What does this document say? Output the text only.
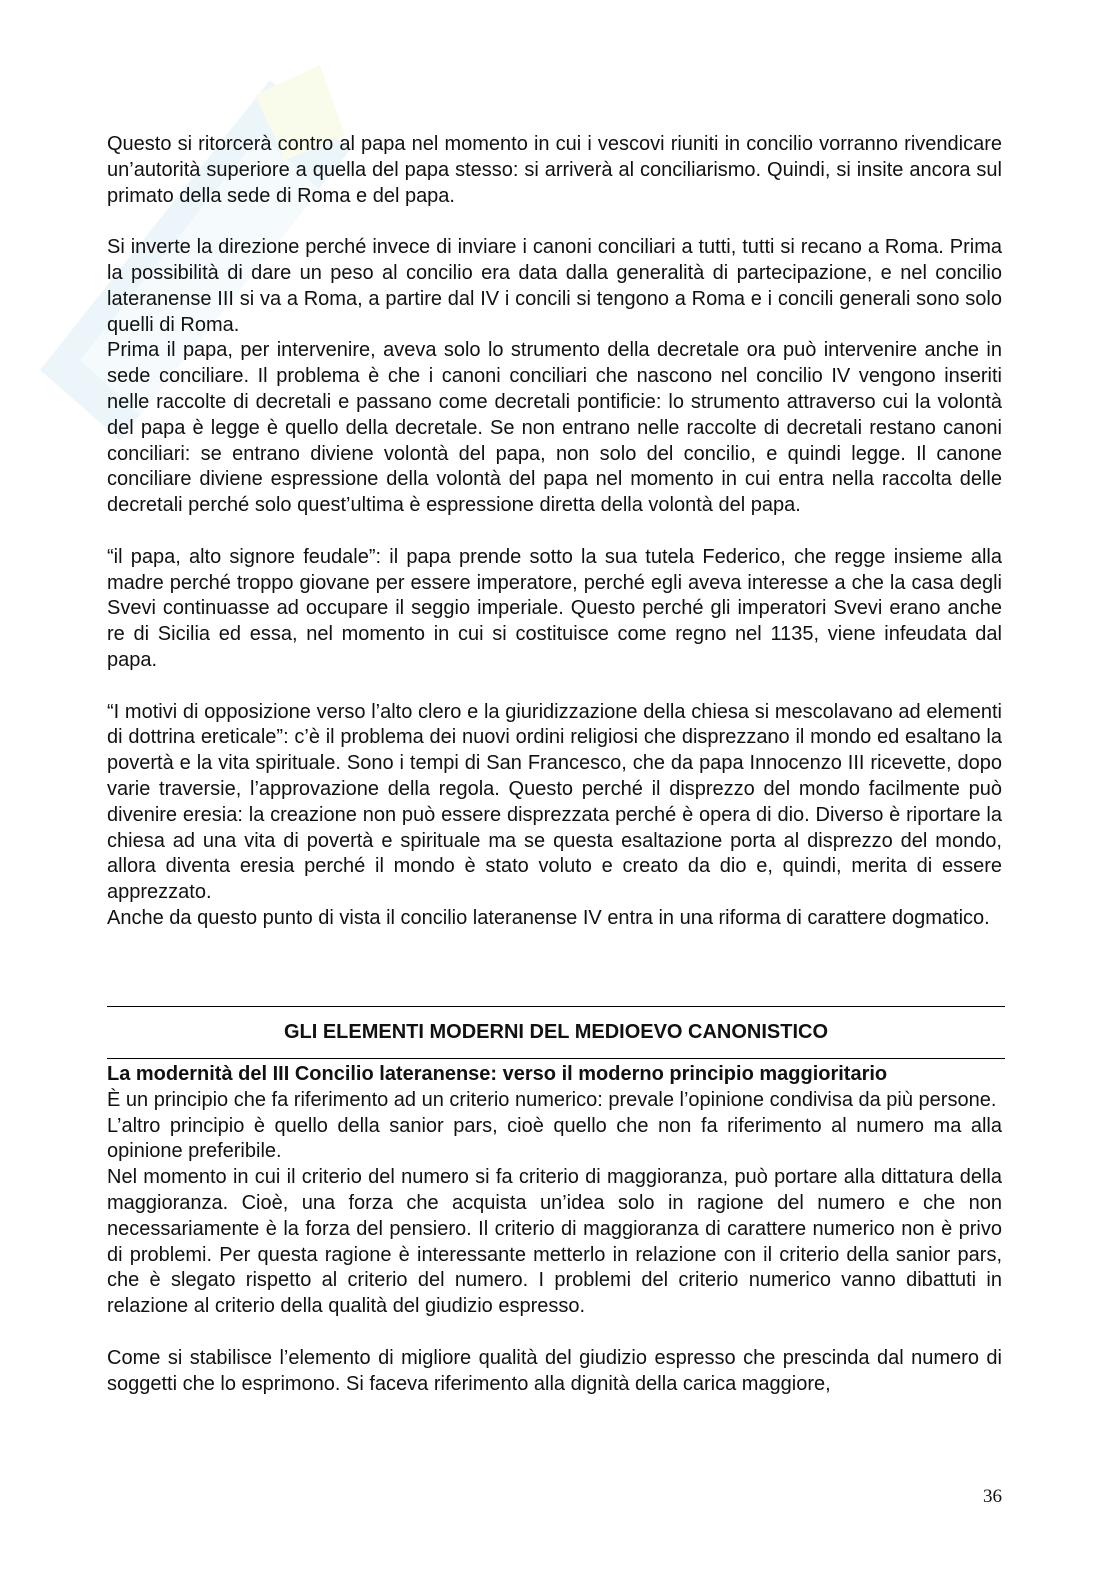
Questo si ritorcerà contro al papa nel momento in cui i vescovi riuniti in concilio vorranno rivendicare un’autorità superiore a quella del papa stesso: si arriverà al conciliarismo. Quindi, si insite ancora sul primato della sede di Roma e del papa.

Si inverte la direzione perché invece di inviare i canoni conciliari a tutti, tutti si recano a Roma. Prima la possibilità di dare un peso al concilio era data dalla generalità di partecipazione, e nel concilio lateranense III si va a Roma, a partire dal IV i concili si tengono a Roma e i concili generali sono solo quelli di Roma.

Prima il papa, per intervenire, aveva solo lo strumento della decretale ora può intervenire anche in sede conciliare. Il problema è che i canoni conciliari che nascono nel concilio IV vengono inseriti nelle raccolte di decretali e passano come decretali pontificie: lo strumento attraverso cui la volontà del papa è legge è quello della decretale. Se non entrano nelle raccolte di decretali restano canoni conciliari: se entrano diviene volontà del papa, non solo del concilio, e quindi legge. Il canone conciliare diviene espressione della volontà del papa nel momento in cui entra nella raccolta delle decretali perché solo quest’ultima è espressione diretta della volontà del papa.

“il papa, alto signore feudale”: il papa prende sotto la sua tutela Federico, che regge insieme alla madre perché troppo giovane per essere imperatore, perché egli aveva interesse a che la casa degli Svevi continuasse ad occupare il seggio imperiale. Questo perché gli imperatori Svevi erano anche re di Sicilia ed essa, nel momento in cui si costituisce come regno nel 1135, viene infeudata dal papa.

“I motivi di opposizione verso l’alto clero e la giuridizzazione della chiesa si mescolavano ad elementi di dottrina ereticale”: c’è il problema dei nuovi ordini religiosi che disprezzano il mondo ed esaltano la povertà e la vita spirituale. Sono i tempi di San Francesco, che da papa Innocenzo III ricevette, dopo varie traversie, l’approvazione della regola. Questo perché il disprezzo del mondo facilmente può divenire eresia: la creazione non può essere disprezzata perché è opera di dio. Diverso è riportare la chiesa ad una vita di povertà e spirituale ma se questa esaltazione porta al disprezzo del mondo, allora diventa eresia perché il mondo è stato voluto e creato da dio e, quindi, merita di essere apprezzato.

Anche da questo punto di vista il concilio lateranense IV entra in una riforma di carattere dogmatico.

GLI ELEMENTI MODERNI DEL MEDIOEVO CANONISTICO

La modernità del III Concilio lateranense: verso il moderno principio maggioritario

È un principio che fa riferimento ad un criterio numerico: prevale l’opinione condivisa da più persone.

L’altro principio è quello della sanior pars, cioè quello che non fa riferimento al numero ma alla opinione preferibile.

Nel momento in cui il criterio del numero si fa criterio di maggioranza, può portare alla dittatura della maggioranza. Cioè, una forza che acquista un’idea solo in ragione del numero e che non necessariamente è la forza del pensiero. Il criterio di maggioranza di carattere numerico non è privo di problemi. Per questa ragione è interessante metterlo in relazione con il criterio della sanior pars, che è slegato rispetto al criterio del numero. I problemi del criterio numerico vanno dibattuti in relazione al criterio della qualità del giudizio espresso.

Come si stabilisce l’elemento di migliore qualità del giudizio espresso che prescinda dal numero di soggetti che lo esprimono. Si faceva riferimento alla dignità della carica maggiore,

36
